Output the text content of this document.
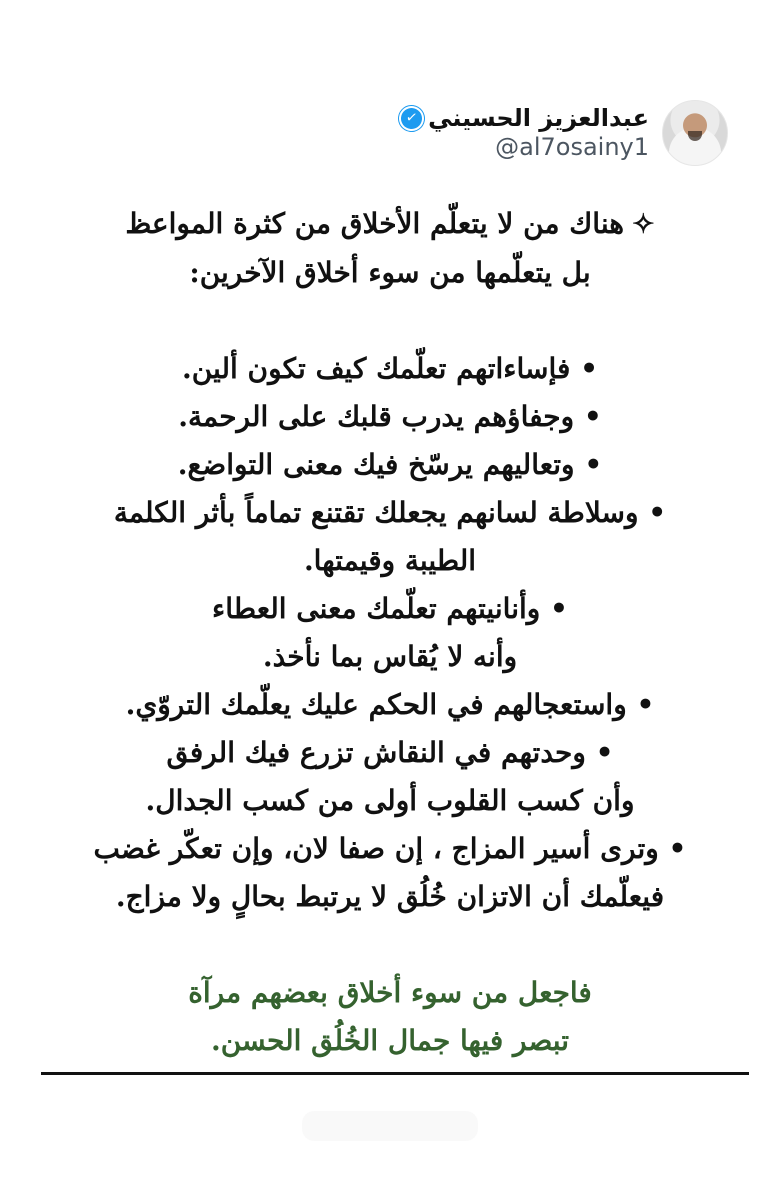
عبدالعزيز الحسيني
✓
@al7osainy1
✧هناك من لا يتعلّم الأخلاق من كثرة المواعظ
بل يتعلّمها من سوء أخلاق الآخرين:
• فإساءاتهم تعلّمك كيف تكون ألين.
• وجفاؤهم يدرب قلبك على الرحمة.
• وتعاليهم يرسّخ فيك معنى التواضع.
• وسلاطة لسانهم يجعلك تقتنع تماماً بأثر الكلمة
الطيبة وقيمتها.
• وأنانيتهم تعلّمك معنى العطاء
وأنه لا يُقاس بما نأخذ.
• واستعجالهم في الحكم عليك يعلّمك التروّي.
• وحدتهم في النقاش تزرع فيك الرفق
وأن كسب القلوب أولى من كسب الجدال.
• وترى أسير المزاج ، إن صفا لان، وإن تعكّر غضب
فيعلّمك أن الاتزان خُلُق لا يرتبط بحالٍ ولا مزاج.
فاجعل من سوء أخلاق بعضهم مرآة
تبصر فيها جمال الخُلُق الحسن.
